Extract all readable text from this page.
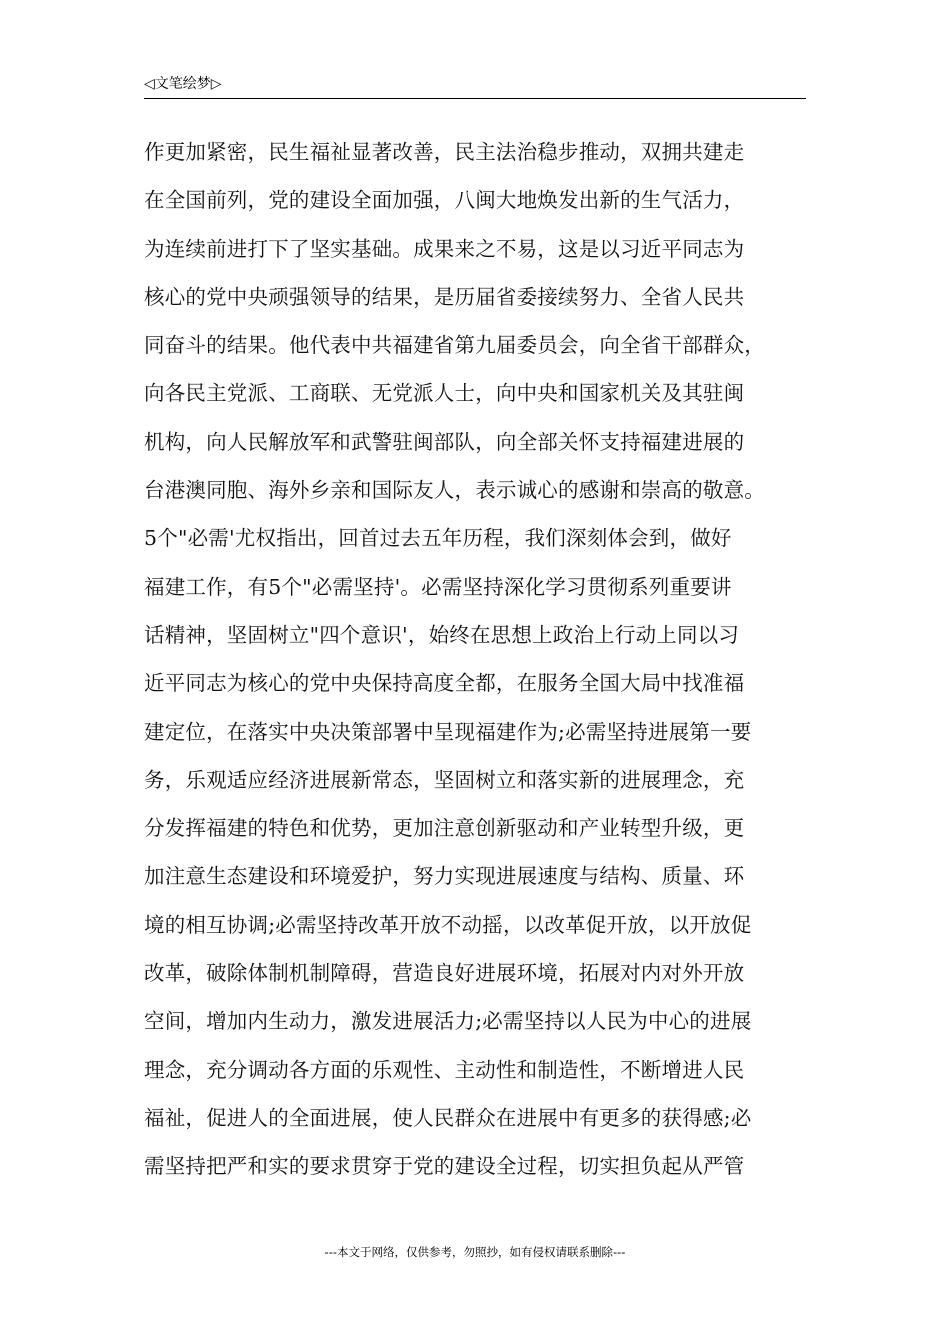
◁文笔绘梦▷
作更加紧密，民生福祉显著改善，民主法治稳步推动，双拥共建走
在全国前列，党的建设全面加强，八闽大地焕发出新的生气活力，
为连续前进打下了坚实基础。成果来之不易，这是以习近平同志为
核心的党中央顽强领导的结果，是历届省委接续努力、全省人民共
同奋斗的结果。他代表中共福建省第九届委员会，向全省干部群众，
向各民主党派、工商联、无党派人士，向中央和国家机关及其驻闽
机构，向人民解放军和武警驻闽部队，向全部关怀支持福建进展的
台港澳同胞、海外乡亲和国际友人，表示诚心的感谢和崇高的敬意。
5个"必需'尤权指出，回首过去五年历程，我们深刻体会到，做好
福建工作，有5个"必需坚持'。必需坚持深化学习贯彻系列重要讲
话精神，坚固树立"四个意识'，始终在思想上政治上行动上同以习
近平同志为核心的党中央保持高度全都，在服务全国大局中找准福
建定位，在落实中央决策部署中呈现福建作为;必需坚持进展第一要
务，乐观适应经济进展新常态，坚固树立和落实新的进展理念，充
分发挥福建的特色和优势，更加注意创新驱动和产业转型升级，更
加注意生态建设和环境爱护，努力实现进展速度与结构、质量、环
境的相互协调;必需坚持改革开放不动摇，以改革促开放，以开放促
改革，破除体制机制障碍，营造良好进展环境，拓展对内对外开放
空间，增加内生动力，激发进展活力;必需坚持以人民为中心的进展
理念，充分调动各方面的乐观性、主动性和制造性，不断增进人民
福祉，促进人的全面进展，使人民群众在进展中有更多的获得感;必
需坚持把严和实的要求贯穿于党的建设全过程，切实担负起从严管
---本文于网络，仅供参考，勿照抄，如有侵权请联系删除---
